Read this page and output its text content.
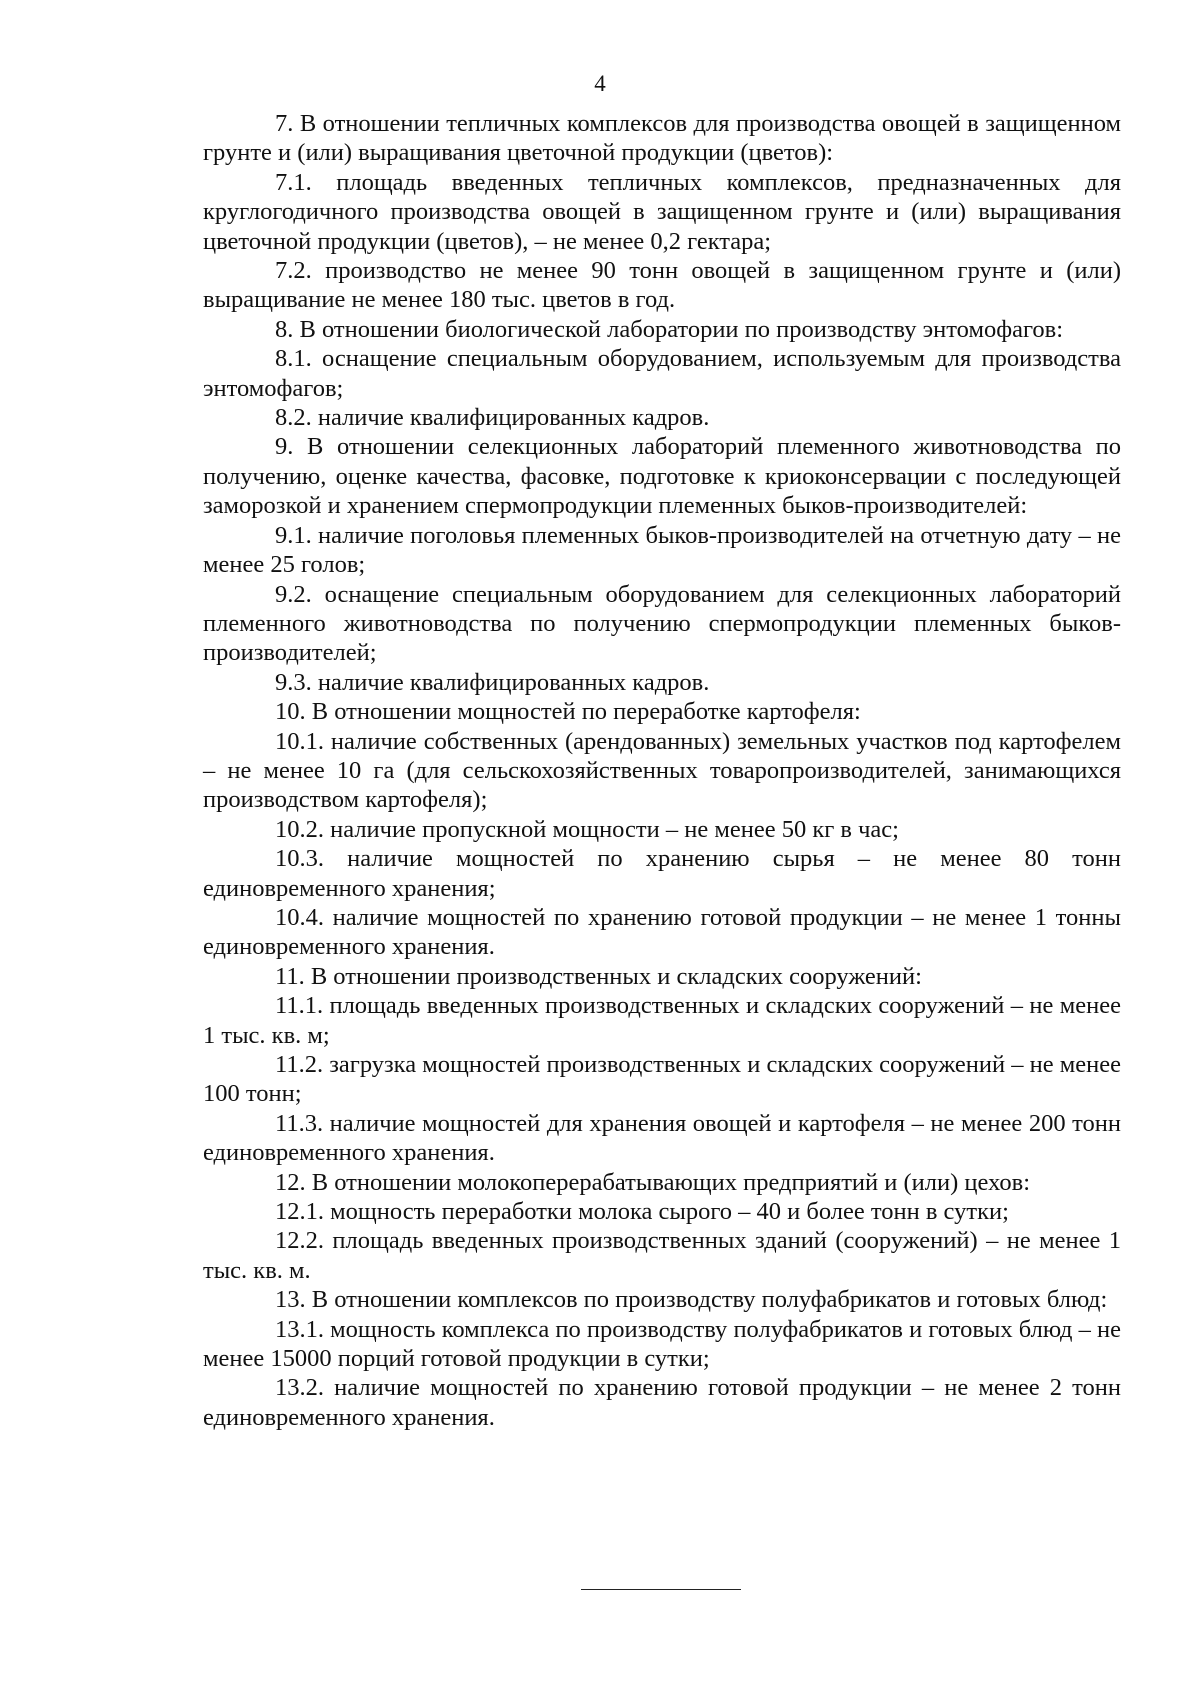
4

7. В отношении тепличных комплексов для производства овощей в защищенном грунте и (или) выращивания цветочной продукции (цветов):

7.1. площадь введенных тепличных комплексов, предназначенных для круглогодичного производства овощей в защищенном грунте и (или) выращивания цветочной продукции (цветов), – не менее 0,2 гектара;

7.2. производство не менее 90 тонн овощей в защищенном грунте и (или) выращивание не менее 180 тыс. цветов в год.

8. В отношении биологической лаборатории по производству энтомофагов:

8.1. оснащение специальным оборудованием, используемым для производства энтомофагов;

8.2. наличие квалифицированных кадров.

9. В отношении селекционных лабораторий племенного животноводства по получению, оценке качества, фасовке, подготовке к криоконсервации с последующей заморозкой и хранением спермопродукции племенных быков-производителей:

9.1. наличие поголовья племенных быков-производителей на отчетную дату – не менее 25 голов;

9.2. оснащение специальным оборудованием для селекционных лабораторий племенного животноводства по получению спермопродукции племенных быков-производителей;

9.3. наличие квалифицированных кадров.

10. В отношении мощностей по переработке картофеля:

10.1. наличие собственных (арендованных) земельных участков под картофелем – не менее 10 га (для сельскохозяйственных товаропроизводителей, занимающихся производством картофеля);

10.2. наличие пропускной мощности – не менее 50 кг в час;

10.3. наличие мощностей по хранению сырья – не менее 80 тонн единовременного хранения;

10.4. наличие мощностей по хранению готовой продукции – не менее 1 тонны единовременного хранения.

11. В отношении производственных и складских сооружений:

11.1. площадь введенных производственных и складских сооружений – не менее 1 тыс. кв. м;

11.2. загрузка мощностей производственных и складских сооружений – не менее 100 тонн;

11.3. наличие мощностей для хранения овощей и картофеля – не менее 200 тонн единовременного хранения.

12. В отношении молокоперерабатывающих предприятий и (или) цехов:

12.1. мощность переработки молока сырого – 40 и более тонн в сутки;

12.2. площадь введенных производственных зданий (сооружений) – не менее 1 тыс. кв. м.

13. В отношении комплексов по производству полуфабрикатов и готовых блюд:

13.1. мощность комплекса по производству полуфабрикатов и готовых блюд – не менее 15000 порций готовой продукции в сутки;

13.2. наличие мощностей по хранению готовой продукции – не менее 2 тонн единовременного хранения.
